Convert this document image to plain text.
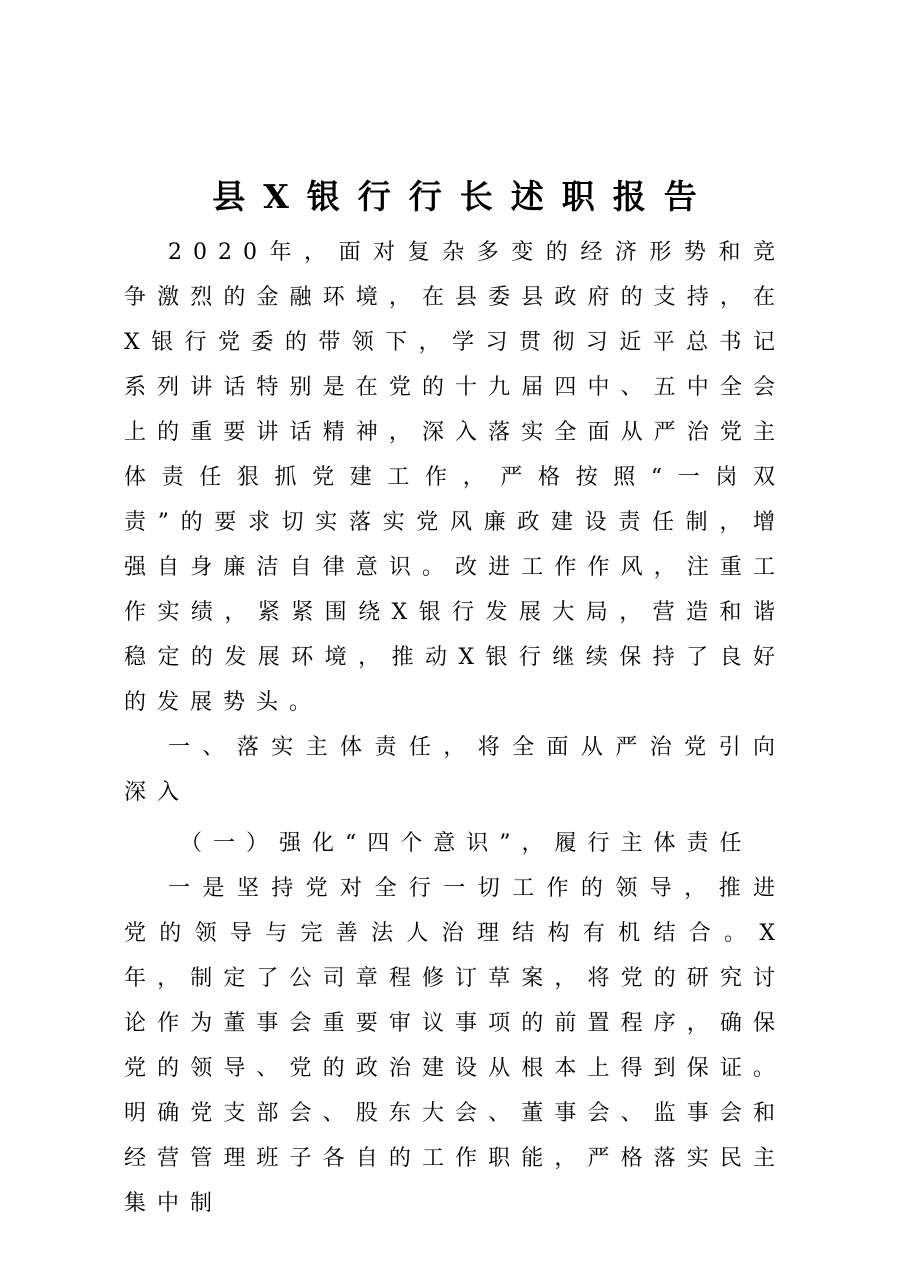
县X银行行长述职报告

2020年，面对复杂多变的经济形势和竞争激烈的金融环境，在县委县政府的支持，在X银行党委的带领下，学习贯彻习近平总书记系列讲话特别是在党的十九届四中、五中全会上的重要讲话精神，深入落实全面从严治党主体责任狠抓党建工作，严格按照“一岗双责”的要求切实落实党风廉政建设责任制，增强自身廉洁自律意识。改进工作作风，注重工作实绩，紧紧围绕X银行发展大局，营造和谐稳定的发展环境，推动X银行继续保持了良好的发展势头。

一、落实主体责任，将全面从严治党引向深入

（一）强化“四个意识”，履行主体责任

一是坚持党对全行一切工作的领导，推进党的领导与完善法人治理结构有机结合。X年，制定了公司章程修订草案，将党的研究讨论作为董事会重要审议事项的前置程序，确保党的领导、党的政治建设从根本上得到保证。明确党支部会、股东大会、董事会、监事会和经营管理班子各自的工作职能，严格落实民主集中制
